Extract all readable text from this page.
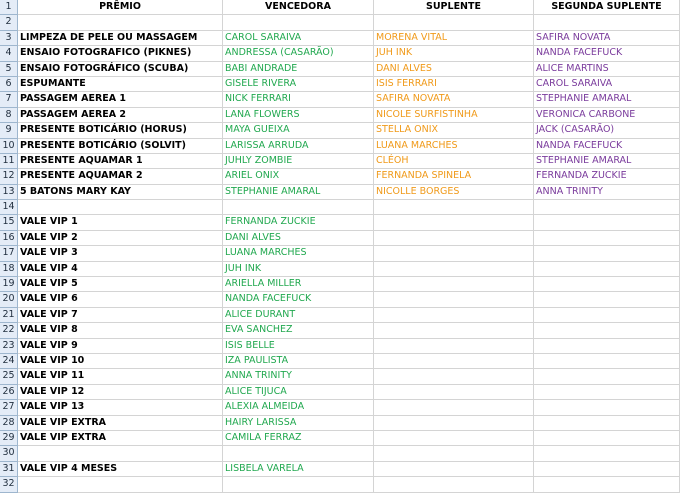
1	PRÊMIO	VENCEDORA	SUPLENTE	SEGUNDA SUPLENTE
2
3 LIMPEZA DE PELE OU MASSAGEM	CAROL SARAIVA	MORENA VITAL	SAFIRA NOVATA
4 ENSAIO FOTOGRAFICO (PIKNES)	ANDRESSA (CASARÃO)	JUH INK	NANDA FACEFUCK
5 ENSAIO FOTOGRÁFICO (SCUBA)	BABI ANDRADE	DANI ALVES	ALICE MARTINS
6 ESPUMANTE	GISELE RIVERA	ISIS FERRARI	CAROL SARAIVA
7 PASSAGEM AEREA 1	NICK FERRARI	SAFIRA NOVATA	STEPHANIE AMARAL
8 PASSAGEM AEREA 2	LANA FLOWERS	NICOLE SURFISTINHA	VERONICA CARBONE
9 PRESENTE BOTICÁRIO (HORUS)	MAYA GUEIXA	STELLA ONIX	JACK (CASARÃO)
10 PRESENTE BOTICÁRIO (SOLVIT)	LARISSA ARRUDA	LUANA MARCHES	NANDA FACEFUCK
11 PRESENTE AQUAMAR 1	JUHLY ZOMBIE	CLÉOH	STEPHANIE AMARAL
12 PRESENTE AQUAMAR 2	ARIEL ONIX	FERNANDA SPINELA	FERNANDA ZUCKIE
13 5 BATONS MARY KAY	STEPHANIE AMARAL	NICOLLE BORGES	ANNA TRINITY
14
15 VALE VIP 1	FERNANDA ZUCKIE
16 VALE VIP 2	DANI ALVES
17 VALE VIP 3	LUANA MARCHES
18 VALE VIP 4	JUH INK
19 VALE VIP 5	ARIELLA MILLER
20 VALE VIP 6	NANDA FACEFUCK
21 VALE VIP 7	ALICE DURANT
22 VALE VIP 8	EVA SANCHEZ
23 VALE VIP 9	ISIS BELLE
24 VALE VIP 10	IZA PAULISTA
25 VALE VIP 11	ANNA TRINITY
26 VALE VIP 12	ALICE TIJUCA
27 VALE VIP 13	ALEXIA ALMEIDA
28 VALE VIP EXTRA	HAIRY LARISSA
29 VALE VIP EXTRA	CAMILA FERRAZ
30
31 VALE VIP 4 MESES	LISBELA VARELA
32
